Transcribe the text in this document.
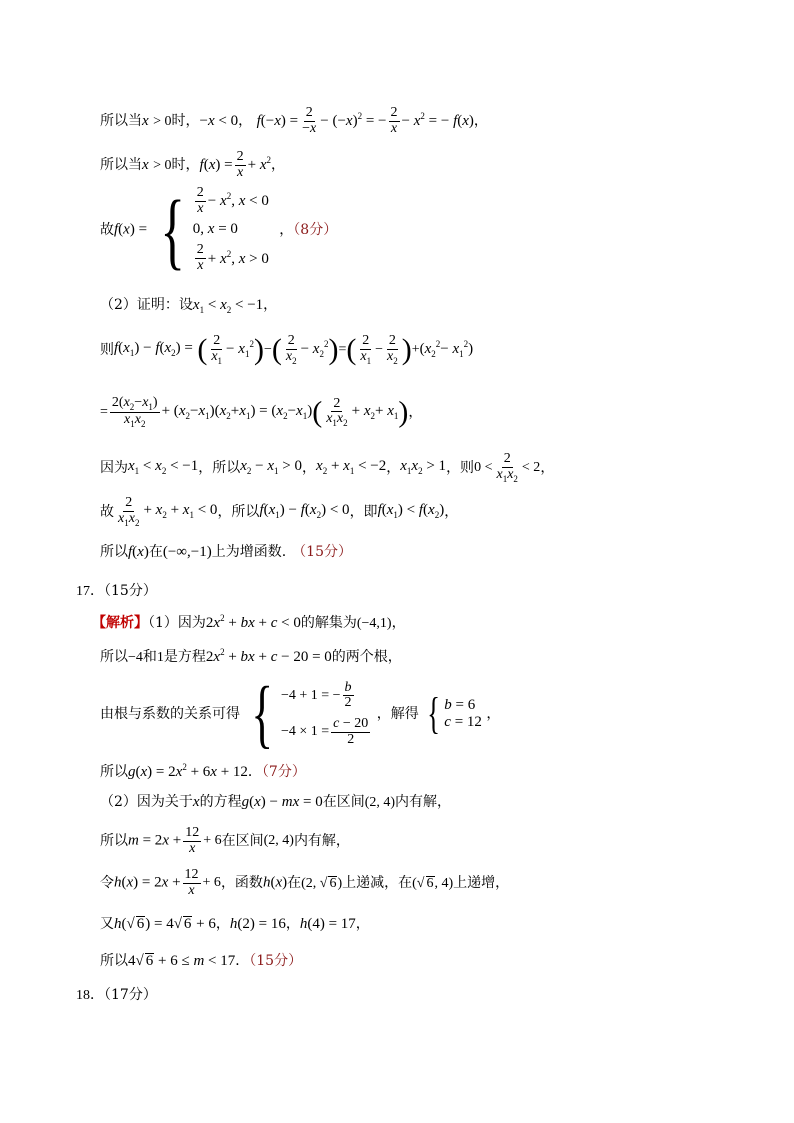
所以当x > 0时，−x < 0， $f(-x) = \frac{2}{-x} - (-x)^2$ = − $\frac{2}{x} - x^2$ = − f(x)，
所以当x > 0时，$f(x) = \frac{2}{x} + x^2$，
故f(x) = { $\frac{2}{x} - x^2$, x < 0
0, x = 0
$\frac{2}{x} + x^2$, x > 0
，（8分）
（2）证明：设$x_1 < x_2 < -1$，
则$f(x_1) - f(x_2)$ = ( $\frac{2}{x_1} - x_1^2)-( \frac{2}{x_2} - x_2^2)=( \frac{2}{x_1} - \frac{2}{x_2} )+(x_2^2- x_1^2)$
= $\frac{2(x_2-x_1)}{x_1x_2} + (x_2-x_1)(x_2+x_1) = (x_2-x_1)( \frac{2}{x_1x_2} + x_2+ x_1)$，
因为$x_1 < x_2 < -1$，所以$x_2 - x_1 > 0$，$x_2 + x_1 < -2$，$x_1x_2 > 1$，则$0 < \frac{2}{x_1x_2} < 2$，
故 $\frac{2}{x_1x_2} + x_2 + x_1 < 0$，所以$f(x_1) - f(x_2) < 0$，即$f(x_1) < f(x_2)$，
所以f(x)在(−∞,−1)上为增函数. （15分）
17．（15分）
【解析】（1）因为$2x^2$ + bx + c < 0的解集为(−4,1)，
所以−4和1是方程$2x^2$ + bx + c − 20 = 0的两个根，
由根与系数的关系可得 { −4 + 1 = − $\frac{b}{2}$
$-4 \times 1 = \frac{c - 20}{2}$
，解得 { b = 6
c = 12 ，
所以$g(x) = 2x^2 + 6x + 12$．（7分）
（2）因为关于x的方程g(x) − mx = 0在区间(2, 4)内有解，
所以$m = 2x + \frac{12}{x} + 6$在区间(2, 4)内有解，
令$h(x) = 2x + \frac{12}{x} + 6$，函数h(x)在(2, √ 6)上递减，在(√ 6, 4)上递增，
又h(√ 6) = 4√ 6 + 6，h(2) = 16，h(4) = 17，
所以4√ 6 + 6 ≤ m < 17．（15分）
18．（17分）
